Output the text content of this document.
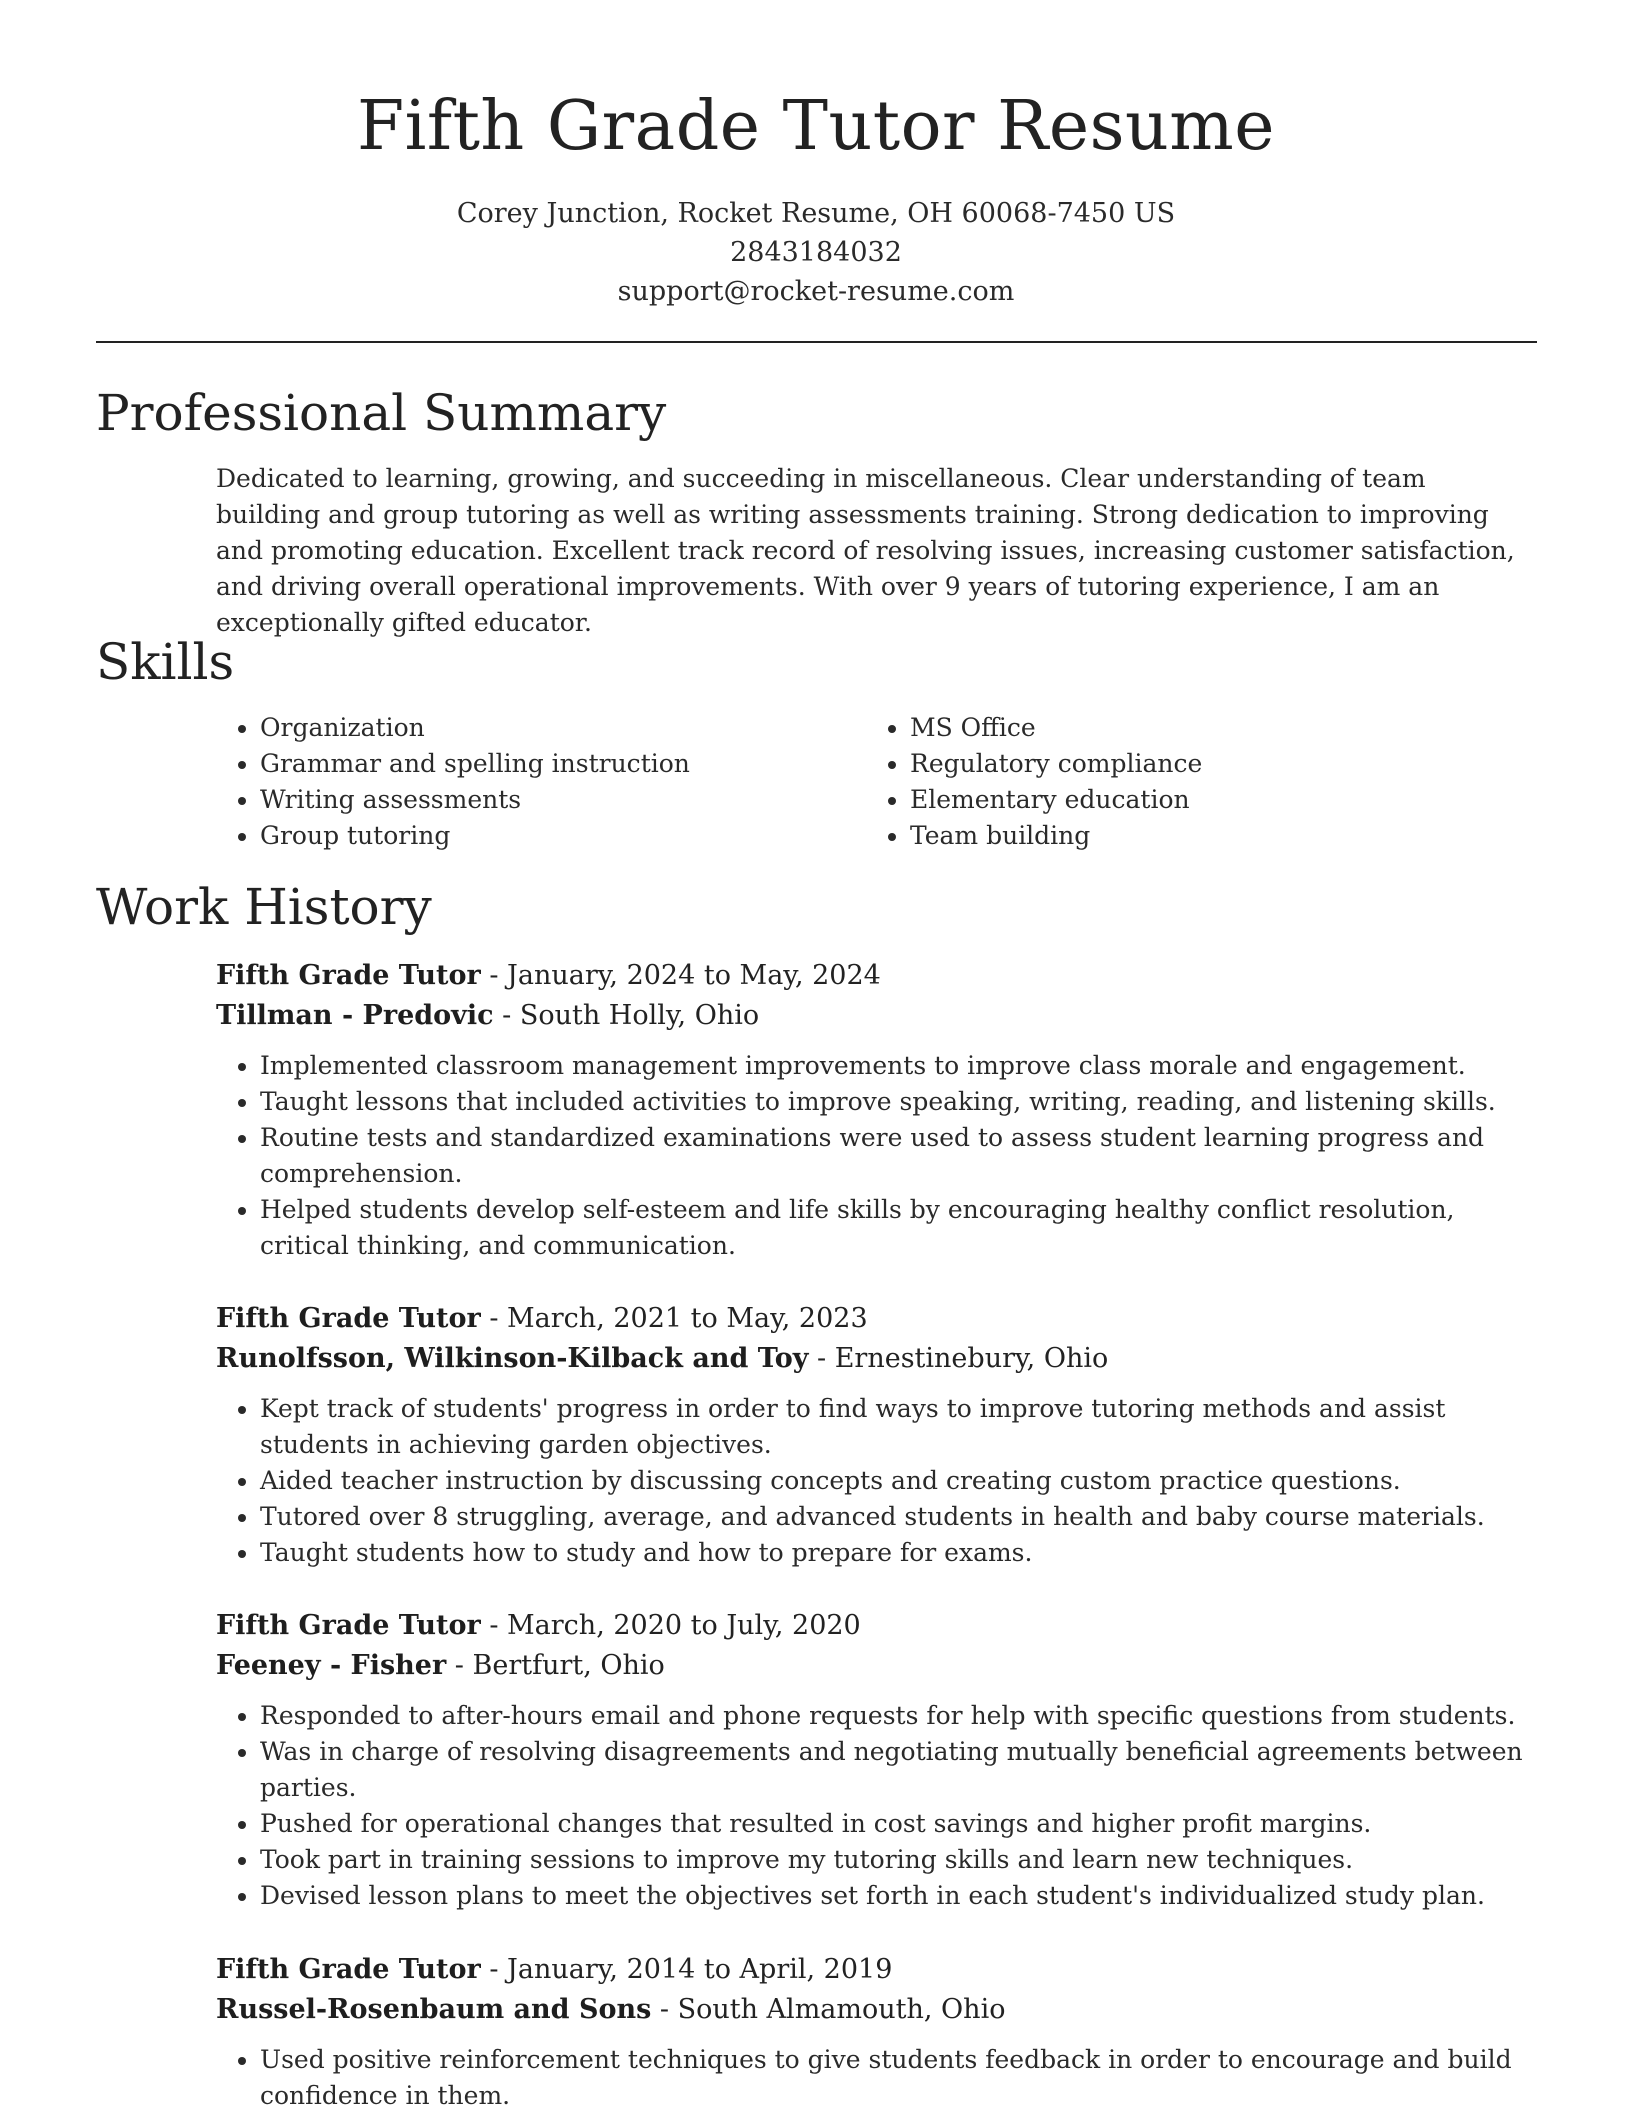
Fifth Grade Tutor Resume
Corey Junction, Rocket Resume, OH 60068-7450 US
2843184032
support@rocket-resume.com
Professional Summary
Dedicated to learning, growing, and succeeding in miscellaneous. Clear understanding of team building and group tutoring as well as writing assessments training. Strong dedication to improving and promoting education. Excellent track record of resolving issues, increasing customer satisfaction, and driving overall operational improvements. With over 9 years of tutoring experience, I am an exceptionally gifted educator.
Skills
• Organization
• Grammar and spelling instruction
• Writing assessments
• Group tutoring
• MS Office
• Regulatory compliance
• Elementary education
• Team building
Work History
Fifth Grade Tutor - January, 2024 to May, 2024
Tillman - Predovic - South Holly, Ohio
• Implemented classroom management improvements to improve class morale and engagement.
• Taught lessons that included activities to improve speaking, writing, reading, and listening skills.
• Routine tests and standardized examinations were used to assess student learning progress and comprehension.
• Helped students develop self-esteem and life skills by encouraging healthy conflict resolution, critical thinking, and communication.
Fifth Grade Tutor - March, 2021 to May, 2023
Runolfsson, Wilkinson-Kilback and Toy - Ernestinebury, Ohio
• Kept track of students' progress in order to find ways to improve tutoring methods and assist students in achieving garden objectives.
• Aided teacher instruction by discussing concepts and creating custom practice questions.
• Tutored over 8 struggling, average, and advanced students in health and baby course materials.
• Taught students how to study and how to prepare for exams.
Fifth Grade Tutor - March, 2020 to July, 2020
Feeney - Fisher - Bertfurt, Ohio
• Responded to after-hours email and phone requests for help with specific questions from students.
• Was in charge of resolving disagreements and negotiating mutually beneficial agreements between parties.
• Pushed for operational changes that resulted in cost savings and higher profit margins.
• Took part in training sessions to improve my tutoring skills and learn new techniques.
• Devised lesson plans to meet the objectives set forth in each student's individualized study plan.
Fifth Grade Tutor - January, 2014 to April, 2019
Russel-Rosenbaum and Sons - South Almamouth, Ohio
• Used positive reinforcement techniques to give students feedback in order to encourage and build confidence in them.
